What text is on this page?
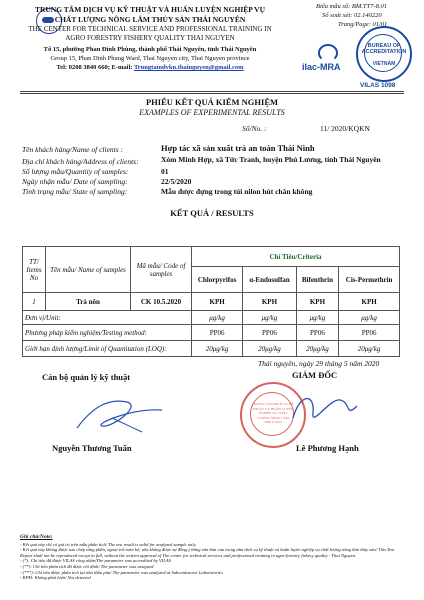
TRUNG TÂM DỊCH VỤ KỸ THUẬT VÀ HUẤN LUYỆN NGHIỆP VỤ
CHẤT LƯỢNG NÔNG LÂM THỦY SẢN THÁI NGUYÊN
THE CENTER FOR TECHNICAL SERVICE AND PROFESSIONAL TRAINING IN
AGRO FORESTRY FISHERY QUALITY THAI NGUYEN
Tổ 15, phường Phan Đình Phùng, thành phố Thái Nguyên, tỉnh Thái Nguyên
Group 15, Phan Dinh Phung Ward, Thai Nguyen city, Thai Nguyen province
Tel: 0208 3840 660; E-mail: Trungtamdvkn.thainguyen@gmail.com
Biểu mẫu số: BM.TT7-8.01
Số soát xét: 02.140220
Trang/Page: 01/01
ilac-MRA
BUREAU OF ACCREDITATION
VIETNAM
VILAS 1098
PHIẾU KẾT QUẢ KIỂM NGHIỆM
EXAMPLES OF EXPERIMENTAL RESULTS
Số/No. :	11/ 2020/KQKN
Tên khách hàng/Name of clients :	Hợp tác xã sản xuất trà an toàn Thái Ninh
Địa chỉ khách hàng/Address of clients:	Xóm Minh Hợp, xã Tức Tranh, huyện Phú Lương, tỉnh Thái Nguyên
Số lượng mẫu/Quantity of samples:	01
Ngày nhận mẫu/ Date of sampling:	22/5/2020
Tình trạng mẫu/ State of sampling:	Mẫu được đựng trong túi nilon hút chân không
KẾT QUẢ / RESULTS
TT/ Items No	Tên mẫu/ Name of samples	Mã mẫu/ Code of samples	Chỉ Tiêu/Criteria			
			Chlorpyrifos	α-Endosulfan	Bifenthrin	Cis-Permethrin
1	Trà nõn	CK 10.5.2020	KPH	KPH	KPH	KPH
Đơn vị/Unit:			μg/kg	μg/kg	μg/kg	μg/kg
Phương pháp kiểm nghiệm/Testing method:			PP06	PP06	PP06	PP06
Giới hạn định lượng/Limit of Quantitation (LOQ):			20μg/kg	20μg/kg	20μg/kg	20μg/kg
Thái nguyên, ngày 29 tháng 5 năm 2020
Cán bộ quản lý kỹ thuật	GIÁM ĐỐC
TRUNG TÂM DỊCH VỤ KỸ THUẬT VÀ HUẤN LUYỆN NGHIỆP VỤ CHẤT LƯỢNG NÔNG LÂM THỦY SẢN
Nguyễn Thương Tuấn	Lê Phương Hạnh
Ghi chú/Note:
- Kết quả này chỉ có giá trị trên mẫu phân tích/ The test result is valid for analyzed sample only.
- Kết quả này không được sao chép từng phần, ngoại trừ toàn bộ, nếu không được sự đồng ý bằng văn bản của trung tâm dịch vụ kỹ thuật và huấn luyện nghiệp vụ chất lượng nông lâm thủy sản/ This Test Report shall not be reproduced except in full, without the written approval of The center for technical services and professional training in agro-forestry fishery quality - Thai Nguyen.
- (*): Chỉ tiêu đã được VILAS công nhận/The parameter was accredited by VILAS
- (**): Chỉ tiêu phân tích đã được chỉ định/ The parameter was assigned
- (***): Chỉ tiêu được phân tích tại nhà thầu phụ/ The parameter was analyzed at Subcontractor Laboratories
- KPH: Không phát hiện/ Not detected
